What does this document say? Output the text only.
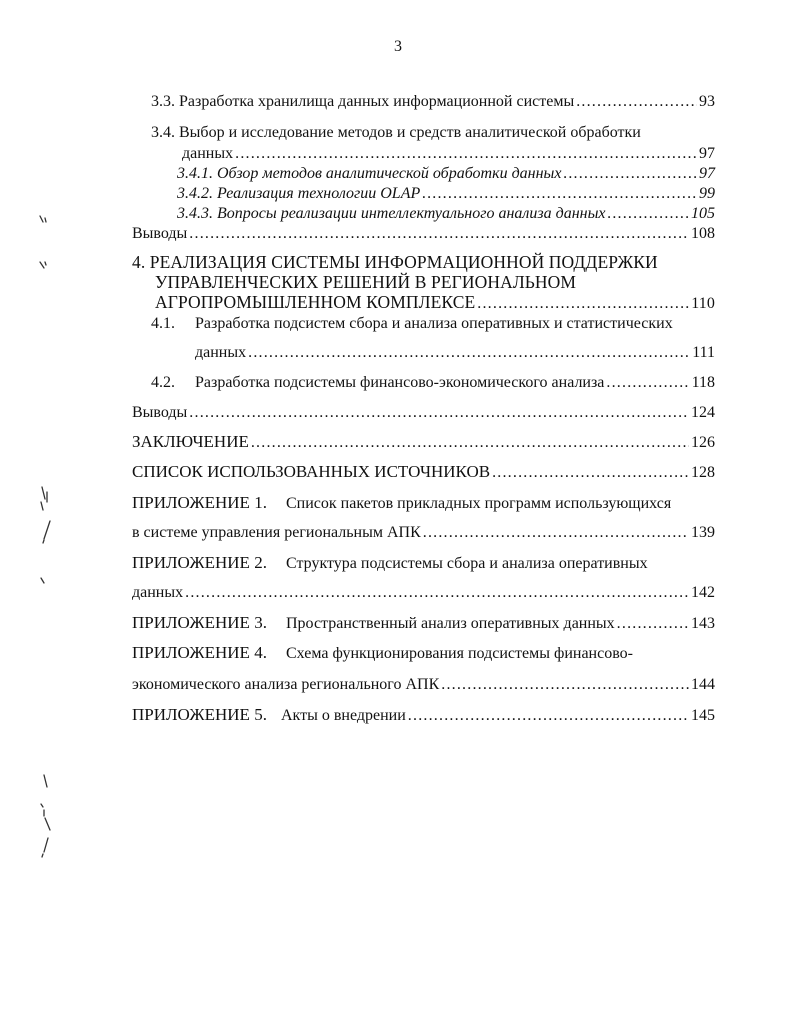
3
3.3. Разработка хранилища данных информационной системы .....	93
3.4. Выбор и исследование методов и средств аналитической обработки
данных .....	97
3.4.1. Обзор методов аналитической обработки данных .....	97
3.4.2. Реализация технологии OLAP .....	99
3.4.3. Вопросы реализации интеллектуального анализа данных .....	105
Выводы .....	108
4. РЕАЛИЗАЦИЯ СИСТЕМЫ ИНФОРМАЦИОННОЙ ПОДДЕРЖКИ
УПРАВЛЕНЧЕСКИХ РЕШЕНИЙ В РЕГИОНАЛЬНОМ
АГРОПРОМЫШЛЕННОМ КОМПЛЕКСЕ .....	110
4.1. Разработка подсистем сбора и анализа оперативных и статистических
данных .....	111
4.2. Разработка подсистемы финансово-экономического анализа .....	118
Выводы .....	124
ЗАКЛЮЧЕНИЕ .....	126
СПИСОК ИСПОЛЬЗОВАННЫХ ИСТОЧНИКОВ .....	128
ПРИЛОЖЕНИЕ 1. Список пакетов прикладных программ использующихся
в системе управления региональным АПК .....	139
ПРИЛОЖЕНИЕ 2. Структура подсистемы сбора и анализа оперативных
данных .....	142
ПРИЛОЖЕНИЕ 3. Пространственный анализ оперативных данных .....	143
ПРИЛОЖЕНИЕ 4. Схема функционирования подсистемы финансово-
экономического анализа регионального АПК .....	144
ПРИЛОЖЕНИЕ 5. Акты о внедрении .....	145
